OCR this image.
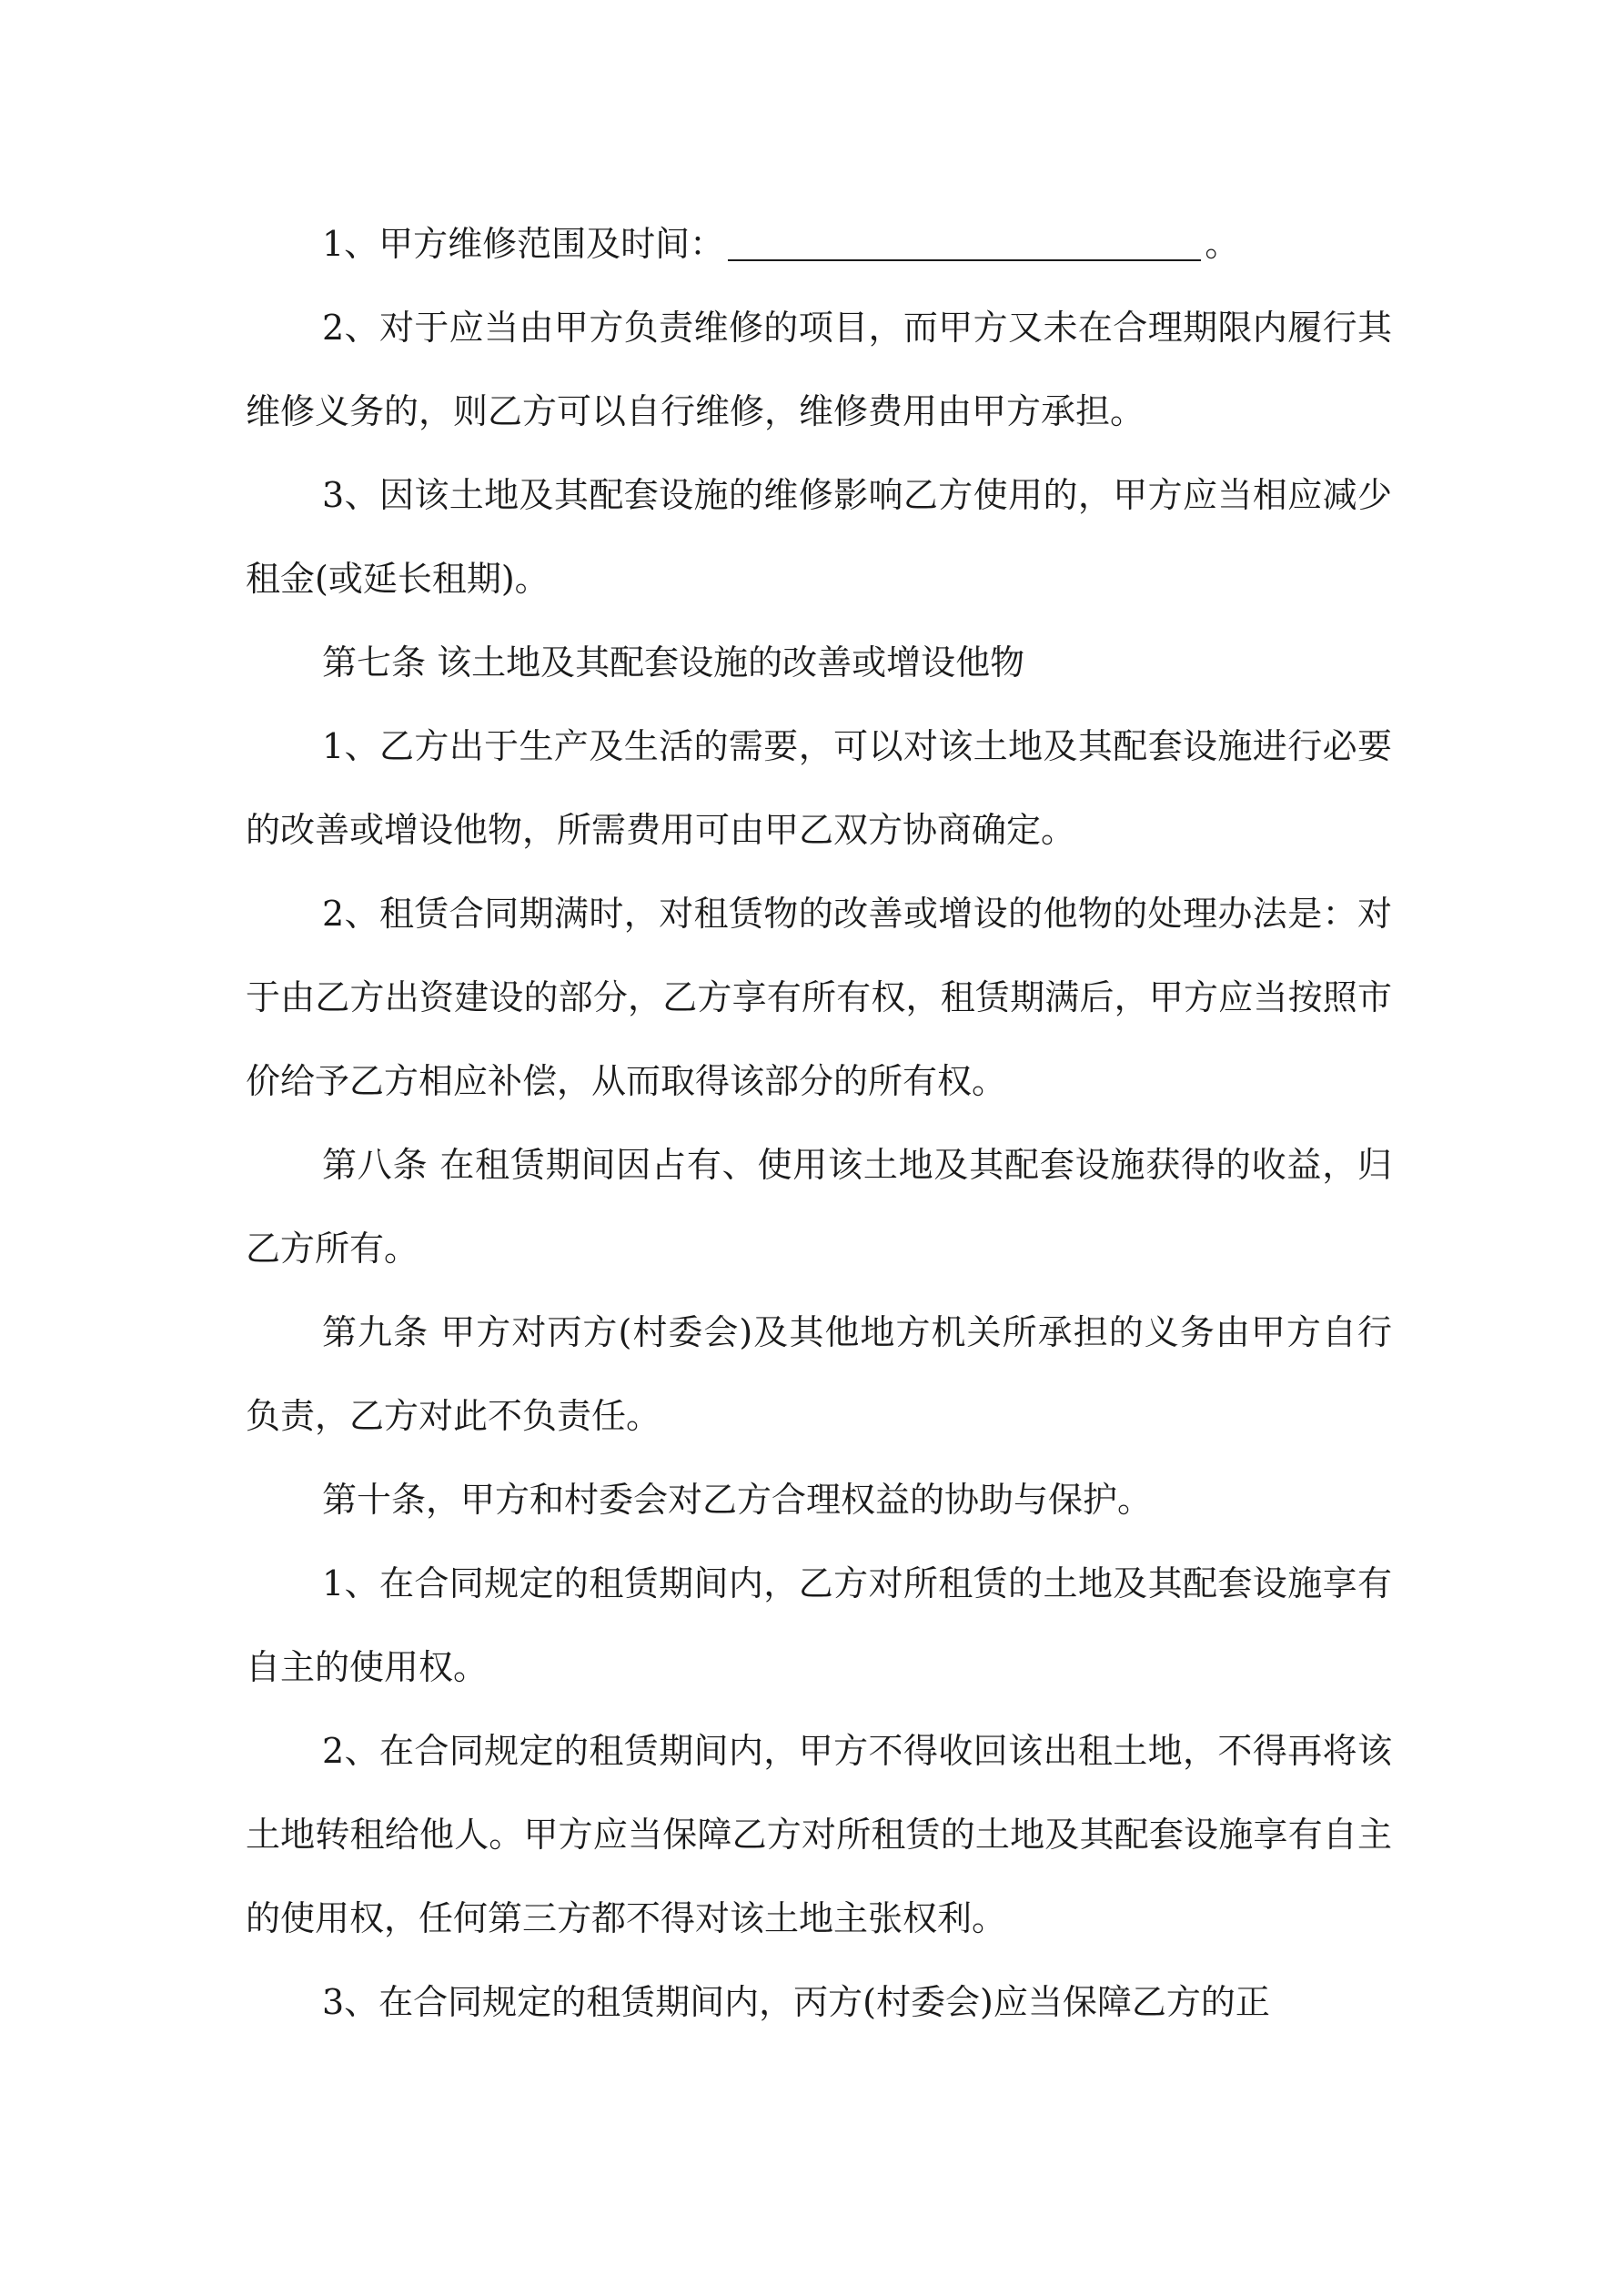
1、甲方维修范围及时间：	。

2、对于应当由甲方负责维修的项目，而甲方又未在合理期限内履行其维修义务的，则乙方可以自行维修，维修费用由甲方承担。

3、因该土地及其配套设施的维修影响乙方使用的，甲方应当相应减少租金(或延长租期)。

第七条 该土地及其配套设施的改善或增设他物

1、乙方出于生产及生活的需要，可以对该土地及其配套设施进行必要的改善或增设他物，所需费用可由甲乙双方协商确定。

2、租赁合同期满时，对租赁物的改善或增设的他物的处理办法是：对于由乙方出资建设的部分，乙方享有所有权，租赁期满后，甲方应当按照市价给予乙方相应补偿，从而取得该部分的所有权。

第八条 在租赁期间因占有、使用该土地及其配套设施获得的收益，归乙方所有。

第九条 甲方对丙方(村委会)及其他地方机关所承担的义务由甲方自行负责，乙方对此不负责任。

第十条，甲方和村委会对乙方合理权益的协助与保护。

1、在合同规定的租赁期间内，乙方对所租赁的土地及其配套设施享有自主的使用权。

2、在合同规定的租赁期间内，甲方不得收回该出租土地，不得再将该土地转租给他人。甲方应当保障乙方对所租赁的土地及其配套设施享有自主的使用权，任何第三方都不得对该土地主张权利。

3、在合同规定的租赁期间内，丙方(村委会)应当保障乙方的正
